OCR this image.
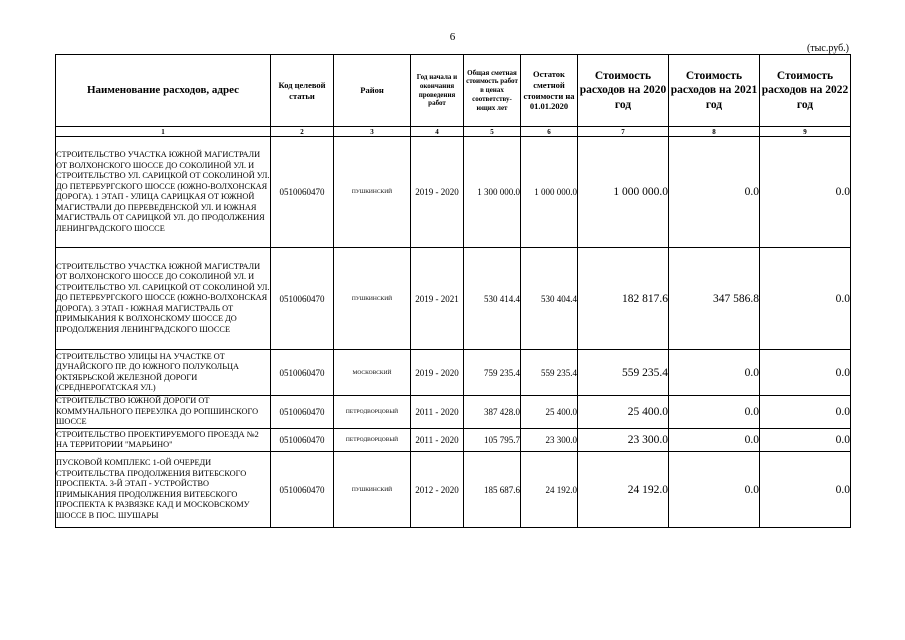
6
(тыс.руб.)
Наименование расходов, адрес	Код целевой статьи	Район	Год начала и окончания проведения работ	Общая сметная стоимость работ в ценах соответству-ющих лет	Остаток сметной стоимости на 01.01.2020	Стоимость расходов на 2020 год	Стоимость расходов на 2021 год	Стоимость расходов на 2022 год
1	2	3	4	5	6	7	8	9
СТРОИТЕЛЬСТВО УЧАСТКА ЮЖНОЙ МАГИСТРАЛИ ОТ ВОЛХОНСКОГО ШОССЕ ДО СОКОЛИНОЙ УЛ. И СТРОИТЕЛЬСТВО УЛ. САРИЦКОЙ ОТ СОКОЛИНОЙ УЛ. ДО ПЕТЕРБУРГСКОГО ШОССЕ (ЮЖНО-ВОЛХОНСКАЯ ДОРОГА). 1 ЭТАП - УЛИЦА САРИЦКАЯ ОТ ЮЖНОЙ МАГИСТРАЛИ ДО ПЕРЕВЕДЕНСКОЙ УЛ. И ЮЖНАЯ МАГИСТРАЛЬ ОТ САРИЦКОЙ УЛ. ДО ПРОДОЛЖЕНИЯ ЛЕНИНГРАДСКОГО ШОССЕ	0510060470	ПУШКИНСКИЙ	2019 - 2020	1 300 000.0	1 000 000.0	1 000 000.0	0.0	0.0
СТРОИТЕЛЬСТВО УЧАСТКА ЮЖНОЙ МАГИСТРАЛИ ОТ ВОЛХОНСКОГО ШОССЕ ДО СОКОЛИНОЙ УЛ. И СТРОИТЕЛЬСТВО УЛ. САРИЦКОЙ ОТ СОКОЛИНОЙ УЛ. ДО ПЕТЕРБУРГСКОГО ШОССЕ (ЮЖНО-ВОЛХОНСКАЯ ДОРОГА). 3 ЭТАП - ЮЖНАЯ МАГИСТРАЛЬ ОТ ПРИМЫКАНИЯ К ВОЛХОНСКОМУ ШОССЕ ДО ПРОДОЛЖЕНИЯ ЛЕНИНГРАДСКОГО ШОССЕ	0510060470	ПУШКИНСКИЙ	2019 - 2021	530 414.4	530 404.4	182 817.6	347 586.8	0.0
СТРОИТЕЛЬСТВО УЛИЦЫ НА УЧАСТКЕ ОТ ДУНАЙСКОГО ПР. ДО ЮЖНОГО ПОЛУКОЛЬЦА ОКТЯБРЬСКОЙ ЖЕЛЕЗНОЙ ДОРОГИ (СРЕДНЕРОГАТСКАЯ УЛ.)	0510060470	МОСКОВСКИЙ	2019 - 2020	759 235.4	559 235.4	559 235.4	0.0	0.0
СТРОИТЕЛЬСТВО ЮЖНОЙ ДОРОГИ ОТ КОММУНАЛЬНОГО ПЕРЕУЛКА ДО РОПШИНСКОГО ШОССЕ	0510060470	ПЕТРОДВОРЦОВЫЙ	2011 - 2020	387 428.0	25 400.0	25 400.0	0.0	0.0
СТРОИТЕЛЬСТВО ПРОЕКТИРУЕМОГО ПРОЕЗДА №2 НА ТЕРРИТОРИИ "МАРЬИНО"	0510060470	ПЕТРОДВОРЦОВЫЙ	2011 - 2020	105 795.7	23 300.0	23 300.0	0.0	0.0
ПУСКОВОЙ КОМПЛЕКС 1-ОЙ ОЧЕРЕДИ СТРОИТЕЛЬСТВА ПРОДОЛЖЕНИЯ ВИТЕБСКОГО ПРОСПЕКТА. 3-Й ЭТАП - УСТРОЙСТВО ПРИМЫКАНИЯ ПРОДОЛЖЕНИЯ ВИТЕБСКОГО ПРОСПЕКТА К РАЗВЯЗКЕ КАД И МОСКОВСКОМУ ШОССЕ В ПОС. ШУШАРЫ	0510060470	ПУШКИНСКИЙ	2012 - 2020	185 687.6	24 192.0	24 192.0	0.0	0.0
